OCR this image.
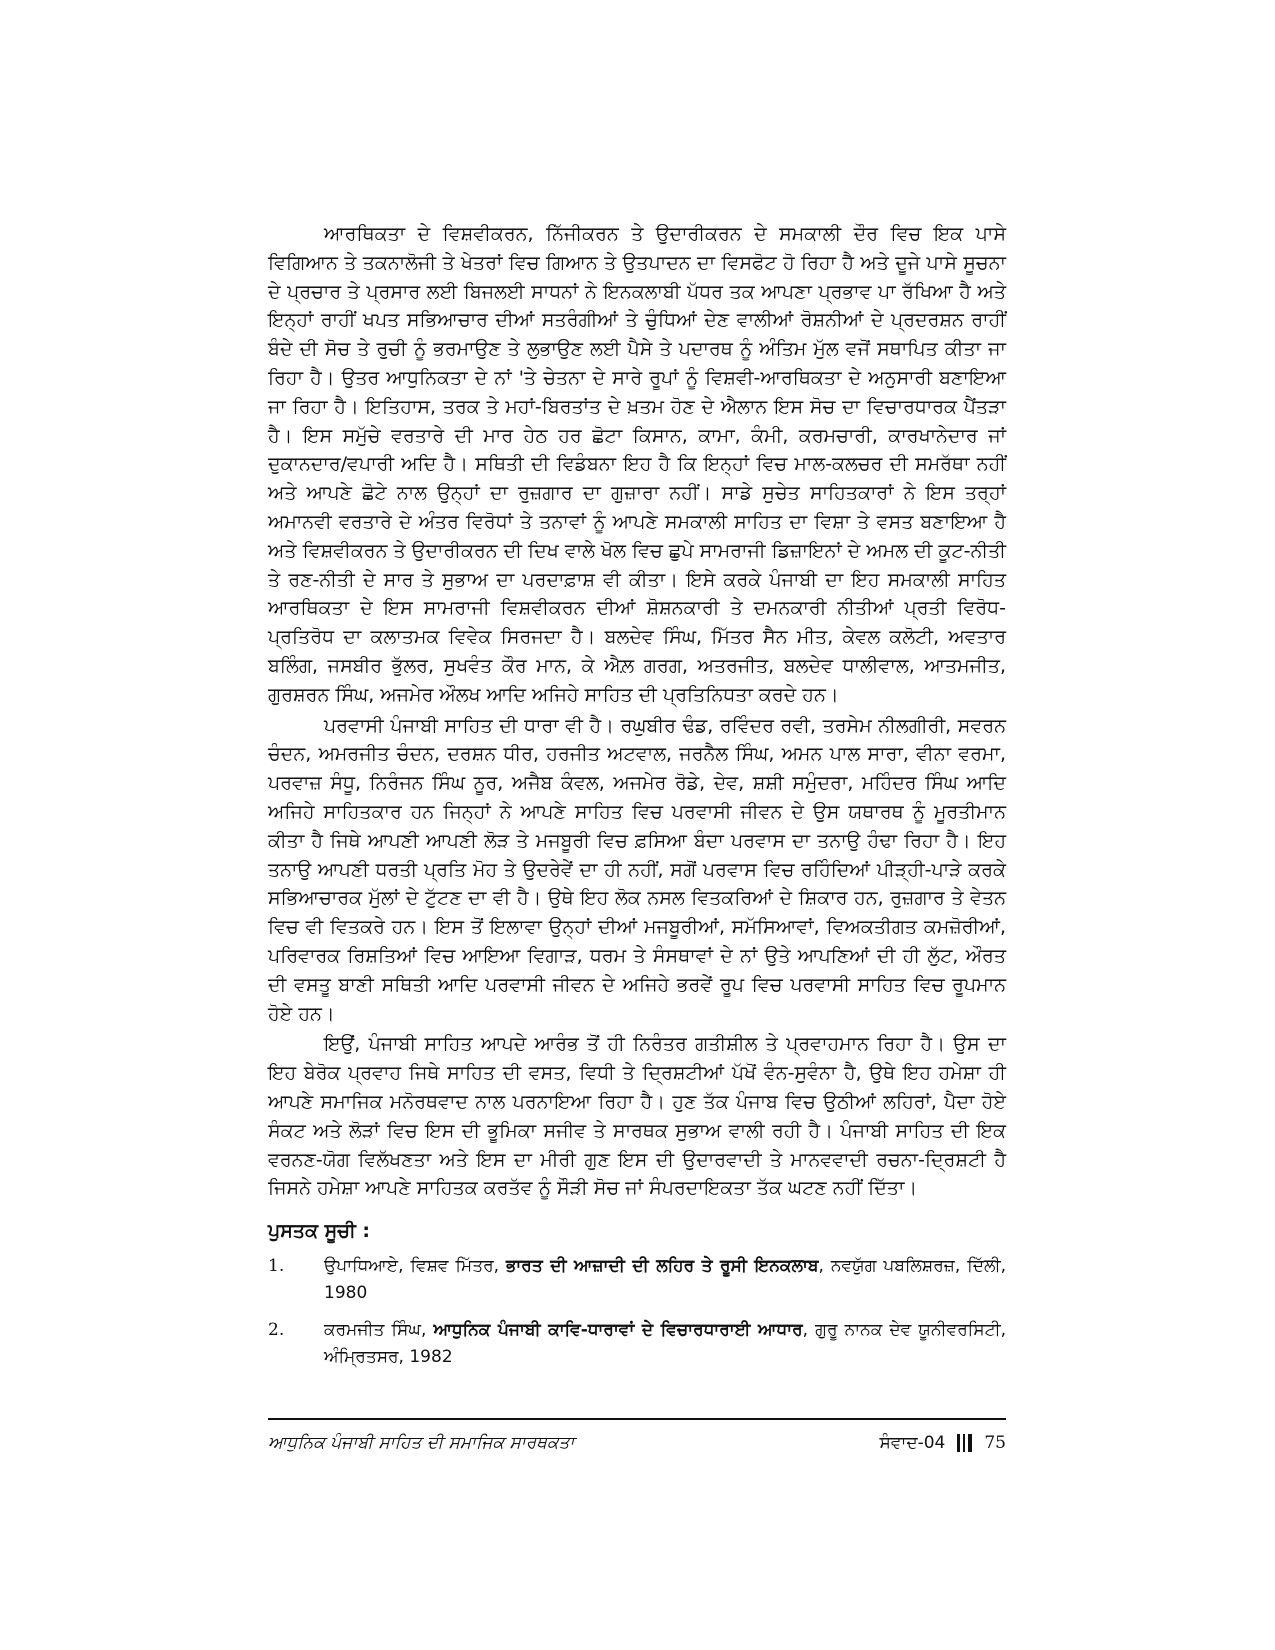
ਆਰਥਿਕਤਾ ਦੇ ਵਿਸ਼ਵੀਕਰਨ, ਨਿੱਜੀਕਰਨ ਤੇ ਉਦਾਰੀਕਰਨ ਦੇ ਸਮਕਾਲੀ ਦੌਰ ਵਿਚ ਇਕ ਪਾਸੇ ਵਿਗਿਆਨ ਤੇ ਤਕਨਾਲੋਜੀ ਤੇ ਖੇਤਰਾਂ ਵਿਚ ਗਿਆਨ ਤੇ ਉਤਪਾਦਨ ਦਾ ਵਿਸਫੋਟ ਹੋ ਰਿਹਾ ਹੈ ਅਤੇ ਦੂਜੇ ਪਾਸੇ ਸੂਚਨਾ ਦੇ ਪ੍ਰਚਾਰ ਤੇ ਪ੍ਰਸਾਰ ਲਈ ਬਿਜਲਈ ਸਾਧਨਾਂ ਨੇ ਇਨਕਲਾਬੀ ਪੱਧਰ ਤਕ ਆਪਣਾ ਪ੍ਰਭਾਵ ਪਾ ਰੱਖਿਆ ਹੈ ਅਤੇ ਇਨ੍ਹਾਂ ਰਾਹੀਂ ਖਪਤ ਸਭਿਆਚਾਰ ਦੀਆਂ ਸਤਰੰਗੀਆਂ ਤੇ ਚੁੰਧਿਆਂ ਦੇਣ ਵਾਲੀਆਂ ਰੋਸ਼ਨੀਆਂ ਦੇ ਪ੍ਰਦਰਸ਼ਨ ਰਾਹੀਂ ਬੰਦੇ ਦੀ ਸੋਚ ਤੇ ਰੁਚੀ ਨੂੰ ਭਰਮਾਉਣ ਤੇ ਲੁਭਾਉਣ ਲਈ ਪੈਸੇ ਤੇ ਪਦਾਰਥ ਨੂੰ ਅੰਤਿਮ ਮੁੱਲ ਵਜੋਂ ਸਥਾਪਿਤ ਕੀਤਾ ਜਾ ਰਿਹਾ ਹੈ। ਉਤਰ ਆਧੁਨਿਕਤਾ ਦੇ ਨਾਂ 'ਤੇ ਚੇਤਨਾ ਦੇ ਸਾਰੇ ਰੂਪਾਂ ਨੂੰ ਵਿਸ਼ਵੀ-ਆਰਥਿਕਤਾ ਦੇ ਅਨੁਸਾਰੀ ਬਣਾਇਆ ਜਾ ਰਿਹਾ ਹੈ। ਇਤਿਹਾਸ, ਤਰਕ ਤੇ ਮਹਾਂ-ਬਿਰਤਾਂਤ ਦੇ ਖ਼ਤਮ ਹੋਣ ਦੇ ਐਲਾਨ ਇਸ ਸੋਚ ਦਾ ਵਿਚਾਰਧਾਰਕ ਪੈਂਤੜਾ ਹੈ। ਇਸ ਸਮੁੱਚੇ ਵਰਤਾਰੇ ਦੀ ਮਾਰ ਹੇਠ ਹਰ ਛੋਟਾ ਕਿਸਾਨ, ਕਾਮਾ, ਕੰਮੀ, ਕਰਮਚਾਰੀ, ਕਾਰਖਾਨੇਦਾਰ ਜਾਂ ਦੁਕਾਨਦਾਰ/ਵਪਾਰੀ ਅਦਿ ਹੈ। ਸਥਿਤੀ ਦੀ ਵਿਡੰਬਨਾ ਇਹ ਹੈ ਕਿ ਇਨ੍ਹਾਂ ਵਿਚ ਮਾਲ-ਕਲਚਰ ਦੀ ਸਮਰੱਥਾ ਨਹੀਂ ਅਤੇ ਆਪਣੇ ਛੋਟੇ ਨਾਲ ਉਨ੍ਹਾਂ ਦਾ ਰੁਜ਼ਗਾਰ ਦਾ ਗੁਜ਼ਾਰਾ ਨਹੀਂ। ਸਾਡੇ ਸੁਚੇਤ ਸਾਹਿਤਕਾਰਾਂ ਨੇ ਇਸ ਤਰ੍ਹਾਂ ਅਮਾਨਵੀ ਵਰਤਾਰੇ ਦੇ ਅੰਤਰ ਵਿਰੋਧਾਂ ਤੇ ਤਨਾਵਾਂ ਨੂੰ ਆਪਣੇ ਸਮਕਾਲੀ ਸਾਹਿਤ ਦਾ ਵਿਸ਼ਾ ਤੇ ਵਸਤ ਬਣਾਇਆ ਹੈ ਅਤੇ ਵਿਸ਼ਵੀਕਰਨ ਤੇ ਉਦਾਰੀਕਰਨ ਦੀ ਦਿਖ ਵਾਲੇ ਖੋਲ ਵਿਚ ਛੁਪੇ ਸਾਮਰਾਜੀ ਡਿਜ਼ਾਇਨਾਂ ਦੇ ਅਮਲ ਦੀ ਕੂਟ-ਨੀਤੀ ਤੇ ਰਣ-ਨੀਤੀ ਦੇ ਸਾਰ ਤੇ ਸੁਭਾਅ ਦਾ ਪਰਦਾਫ਼ਾਸ਼ ਵੀ ਕੀਤਾ। ਇਸੇ ਕਰਕੇ ਪੰਜਾਬੀ ਦਾ ਇਹ ਸਮਕਾਲੀ ਸਾਹਿਤ ਆਰਥਿਕਤਾ ਦੇ ਇਸ ਸਾਮਰਾਜੀ ਵਿਸ਼ਵੀਕਰਨ ਦੀਆਂ ਸ਼ੋਸ਼ਨਕਾਰੀ ਤੇ ਦਮਨਕਾਰੀ ਨੀਤੀਆਂ ਪ੍ਰਤੀ ਵਿਰੋਧ-ਪ੍ਰਤਿਰੋਧ ਦਾ ਕਲਾਤਮਕ ਵਿਵੇਕ ਸਿਰਜਦਾ ਹੈ। ਬਲਦੇਵ ਸਿੰਘ, ਮਿੱਤਰ ਸੈਨ ਮੀਤ, ਕੇਵਲ ਕਲੋਟੀ, ਅਵਤਾਰ ਬਲਿੰਗ, ਜਸਬੀਰ ਭੁੱਲਰ, ਸੁਖਵੰਤ ਕੌਰ ਮਾਨ, ਕੇ ਐਲ਼ ਗਰਗ, ਅਤਰਜੀਤ, ਬਲਦੇਵ ਧਾਲੀਵਾਲ, ਆਤਮਜੀਤ, ਗੁਰਸ਼ਰਨ ਸਿੰਘ, ਅਜਮੇਰ ਔਲਖ ਆਦਿ ਅਜਿਹੇ ਸਾਹਿਤ ਦੀ ਪ੍ਰਤਿਨਿਧਤਾ ਕਰਦੇ ਹਨ।

ਪਰਵਾਸੀ ਪੰਜਾਬੀ ਸਾਹਿਤ ਦੀ ਧਾਰਾ ਵੀ ਹੈ। ਰਘੁਬੀਰ ਢੰਡ, ਰਵਿੰਦਰ ਰਵੀ, ਤਰਸੇਮ ਨੀਲਗੀਰੀ, ਸਵਰਨ ਚੰਦਨ, ਅਮਰਜੀਤ ਚੰਦਨ, ਦਰਸ਼ਨ ਧੀਰ, ਹਰਜੀਤ ਅਟਵਾਲ, ਜਰਨੈਲ ਸਿੰਘ, ਅਮਨ ਪਾਲ ਸਾਰਾ, ਵੀਨਾ ਵਰਮਾ, ਪਰਵਾਜ਼ ਸੰਧੂ, ਨਿਰੰਜਨ ਸਿੰਘ ਨੂਰ, ਅਜੈਬ ਕੰਵਲ, ਅਜਮੇਰ ਰੋਡੇ, ਦੇਵ, ਸ਼ਸ਼ੀ ਸਮੁੰਦਰਾ, ਮਹਿੰਦਰ ਸਿੰਘ ਆਦਿ ਅਜਿਹੇ ਸਾਹਿਤਕਾਰ ਹਨ ਜਿਨ੍ਹਾਂ ਨੇ ਆਪਣੇ ਸਾਹਿਤ ਵਿਚ ਪਰਵਾਸੀ ਜੀਵਨ ਦੇ ਉਸ ਯਥਾਰਥ ਨੂੰ ਮੂਰਤੀਮਾਨ ਕੀਤਾ ਹੈ ਜਿਥੇ ਆਪਣੀ ਆਪਣੀ ਲੋੜ ਤੇ ਮਜਬੂਰੀ ਵਿਚ ਫ਼ਸਿਆ ਬੰਦਾ ਪਰਵਾਸ ਦਾ ਤਨਾਉ ਹੰਢਾ ਰਿਹਾ ਹੈ। ਇਹ ਤਨਾਉ ਆਪਣੀ ਧਰਤੀ ਪ੍ਰਤਿ ਮੋਹ ਤੇ ਉਦਰੇਵੇਂ ਦਾ ਹੀ ਨਹੀਂ, ਸਗੋਂ ਪਰਵਾਸ ਵਿਚ ਰਹਿੰਦਿਆਂ ਪੀੜ੍ਹੀ-ਪਾੜੇ ਕਰਕੇ ਸਭਿਆਚਾਰਕ ਮੁੱਲਾਂ ਦੇ ਟੁੱਟਣ ਦਾ ਵੀ ਹੈ। ਉਥੇ ਇਹ ਲੋਕ ਨਸਲ ਵਿਤਕਰਿਆਂ ਦੇ ਸ਼ਿਕਾਰ ਹਨ, ਰੁਜ਼ਗਾਰ ਤੇ ਵੇਤਨ ਵਿਚ ਵੀ ਵਿਤਕਰੇ ਹਨ। ਇਸ ਤੋਂ ਇਲਾਵਾ ਉਨ੍ਹਾਂ ਦੀਆਂ ਮਜਬੂਰੀਆਂ, ਸਮੱਸਿਆਵਾਂ, ਵਿਅਕਤੀਗਤ ਕਮਜ਼ੋਰੀਆਂ, ਪਰਿਵਾਰਕ ਰਿਸ਼ਤਿਆਂ ਵਿਚ ਆਇਆ ਵਿਗਾੜ, ਧਰਮ ਤੇ ਸੰਸਥਾਵਾਂ ਦੇ ਨਾਂ ਉਤੇ ਆਪਣਿਆਂ ਦੀ ਹੀ ਲੁੱਟ, ਔਰਤ ਦੀ ਵਸਤੂ ਬਾਣੀ ਸਥਿਤੀ ਆਦਿ ਪਰਵਾਸੀ ਜੀਵਨ ਦੇ ਅਜਿਹੇ ਭਰਵੇਂ ਰੂਪ ਵਿਚ ਪਰਵਾਸੀ ਸਾਹਿਤ ਵਿਚ ਰੂਪਮਾਨ ਹੋਏ ਹਨ।

ਇਉਂ, ਪੰਜਾਬੀ ਸਾਹਿਤ ਆਪਦੇ ਆਰੰਭ ਤੋਂ ਹੀ ਨਿਰੰਤਰ ਗਤੀਸ਼ੀਲ ਤੇ ਪ੍ਰਵਾਹਮਾਨ ਰਿਹਾ ਹੈ। ਉਸ ਦਾ ਇਹ ਬੇਰੋਕ ਪ੍ਰਵਾਹ ਜਿਥੇ ਸਾਹਿਤ ਦੀ ਵਸਤ, ਵਿਧੀ ਤੇ ਦ੍ਰਿਸ਼ਟੀਆਂ ਪੱਖੋਂ ਵੰਨ-ਸੁਵੰਨਾ ਹੈ, ਉਥੇ ਇਹ ਹਮੇਸ਼ਾ ਹੀ ਆਪਣੇ ਸਮਾਜਿਕ ਮਨੋਰਥਵਾਦ ਨਾਲ ਪਰਨਾਇਆ ਰਿਹਾ ਹੈ। ਹੁਣ ਤੱਕ ਪੰਜਾਬ ਵਿਚ ਉਠੀਆਂ ਲਹਿਰਾਂ, ਪੈਦਾ ਹੋਏ ਸੰਕਟ ਅਤੇ ਲੋੜਾਂ ਵਿਚ ਇਸ ਦੀ ਭੂਮਿਕਾ ਸਜੀਵ ਤੇ ਸਾਰਥਕ ਸੁਭਾਅ ਵਾਲੀ ਰਹੀ ਹੈ। ਪੰਜਾਬੀ ਸਾਹਿਤ ਦੀ ਇਕ ਵਰਨਣ-ਯੋਗ ਵਿਲੱਖਣਤਾ ਅਤੇ ਇਸ ਦਾ ਮੀਰੀ ਗੁਣ ਇਸ ਦੀ ਉਦਾਰਵਾਦੀ ਤੇ ਮਾਨਵਵਾਦੀ ਰਚਨਾ-ਦ੍ਰਿਸ਼ਟੀ ਹੈ ਜਿਸਨੇ ਹਮੇਸ਼ਾ ਆਪਣੇ ਸਾਹਿਤਕ ਕਰਤੱਵ ਨੂੰ ਸੌੜੀ ਸੋਚ ਜਾਂ ਸੰਪਰਦਾਇਕਤਾ ਤੱਕ ਘਟਣ ਨਹੀਂ ਦਿੱਤਾ।

ਪੁਸਤਕ ਸੂਚੀ :
1.	ਉਪਾਧਿਆਏ, ਵਿਸ਼ਵ ਮਿੱਤਰ, ਭਾਰਤ ਦੀ ਆਜ਼ਾਦੀ ਦੀ ਲਹਿਰ ਤੇ ਰੂਸੀ ਇਨਕਲਾਬ, ਨਵਯੁੱਗ ਪਬਲਿਸ਼ਰਜ਼, ਦਿੱਲੀ, 1980
2.	ਕਰਮਜੀਤ ਸਿੰਘ, ਆਧੁਨਿਕ ਪੰਜਾਬੀ ਕਾਵਿ-ਧਾਰਾਵਾਂ ਦੇ ਵਿਚਾਰਧਾਰਾਈ ਆਧਾਰ, ਗੁਰੂ ਨਾਨਕ ਦੇਵ ਯੂਨੀਵਰਸਿਟੀ, ਅੰਮ੍ਰਿਤਸਰ, 1982
ਆਧੁਨਿਕ ਪੰਜਾਬੀ ਸਾਹਿਤ ਦੀ ਸਮਾਜਿਕ ਸਾਰਥਕਤਾ	ਸੰਵਾਦ-04 75
